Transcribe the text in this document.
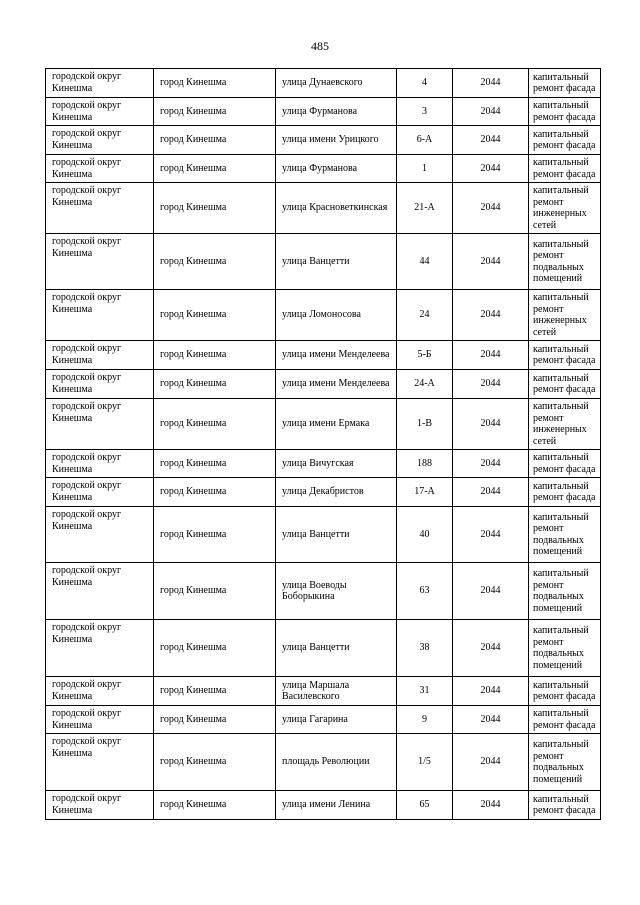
485
городской округ Кинешма	город Кинешма	улица Дунаевского	4	2044	капитальный ремонт фасада
городской округ Кинешма	город Кинешма	улица Фурманова	3	2044	капитальный ремонт фасада
городской округ Кинешма	город Кинешма	улица имени Урицкого	6-А	2044	капитальный ремонт фасада
городской округ Кинешма	город Кинешма	улица Фурманова	1	2044	капитальный ремонт фасада
городской округ Кинешма	город Кинешма	улица Красноветкинская	21-А	2044	капитальный ремонт инженерных сетей
городской округ Кинешма	город Кинешма	улица Ванцетти	44	2044	капитальный ремонт подвальных помещений
городской округ Кинешма	город Кинешма	улица Ломоносова	24	2044	капитальный ремонт инженерных сетей
городской округ Кинешма	город Кинешма	улица имени Менделеева	5-Б	2044	капитальный ремонт фасада
городской округ Кинешма	город Кинешма	улица имени Менделеева	24-А	2044	капитальный ремонт фасада
городской округ Кинешма	город Кинешма	улица имени Ермака	1-В	2044	капитальный ремонт инженерных сетей
городской округ Кинешма	город Кинешма	улица Вичугская	188	2044	капитальный ремонт фасада
городской округ Кинешма	город Кинешма	улица Декабристов	17-А	2044	капитальный ремонт фасада
городской округ Кинешма	город Кинешма	улица Ванцетти	40	2044	капитальный ремонт подвальных помещений
городской округ Кинешма	город Кинешма	улица Воеводы Боборыкина	63	2044	капитальный ремонт подвальных помещений
городской округ Кинешма	город Кинешма	улица Ванцетти	38	2044	капитальный ремонт подвальных помещений
городской округ Кинешма	город Кинешма	улица Маршала Василевского	31	2044	капитальный ремонт фасада
городской округ Кинешма	город Кинешма	улица Гагарина	9	2044	капитальный ремонт фасада
городской округ Кинешма	город Кинешма	площадь Революции	1/5	2044	капитальный ремонт подвальных помещений
городской округ Кинешма	город Кинешма	улица имени Ленина	65	2044	капитальный ремонт фасада
